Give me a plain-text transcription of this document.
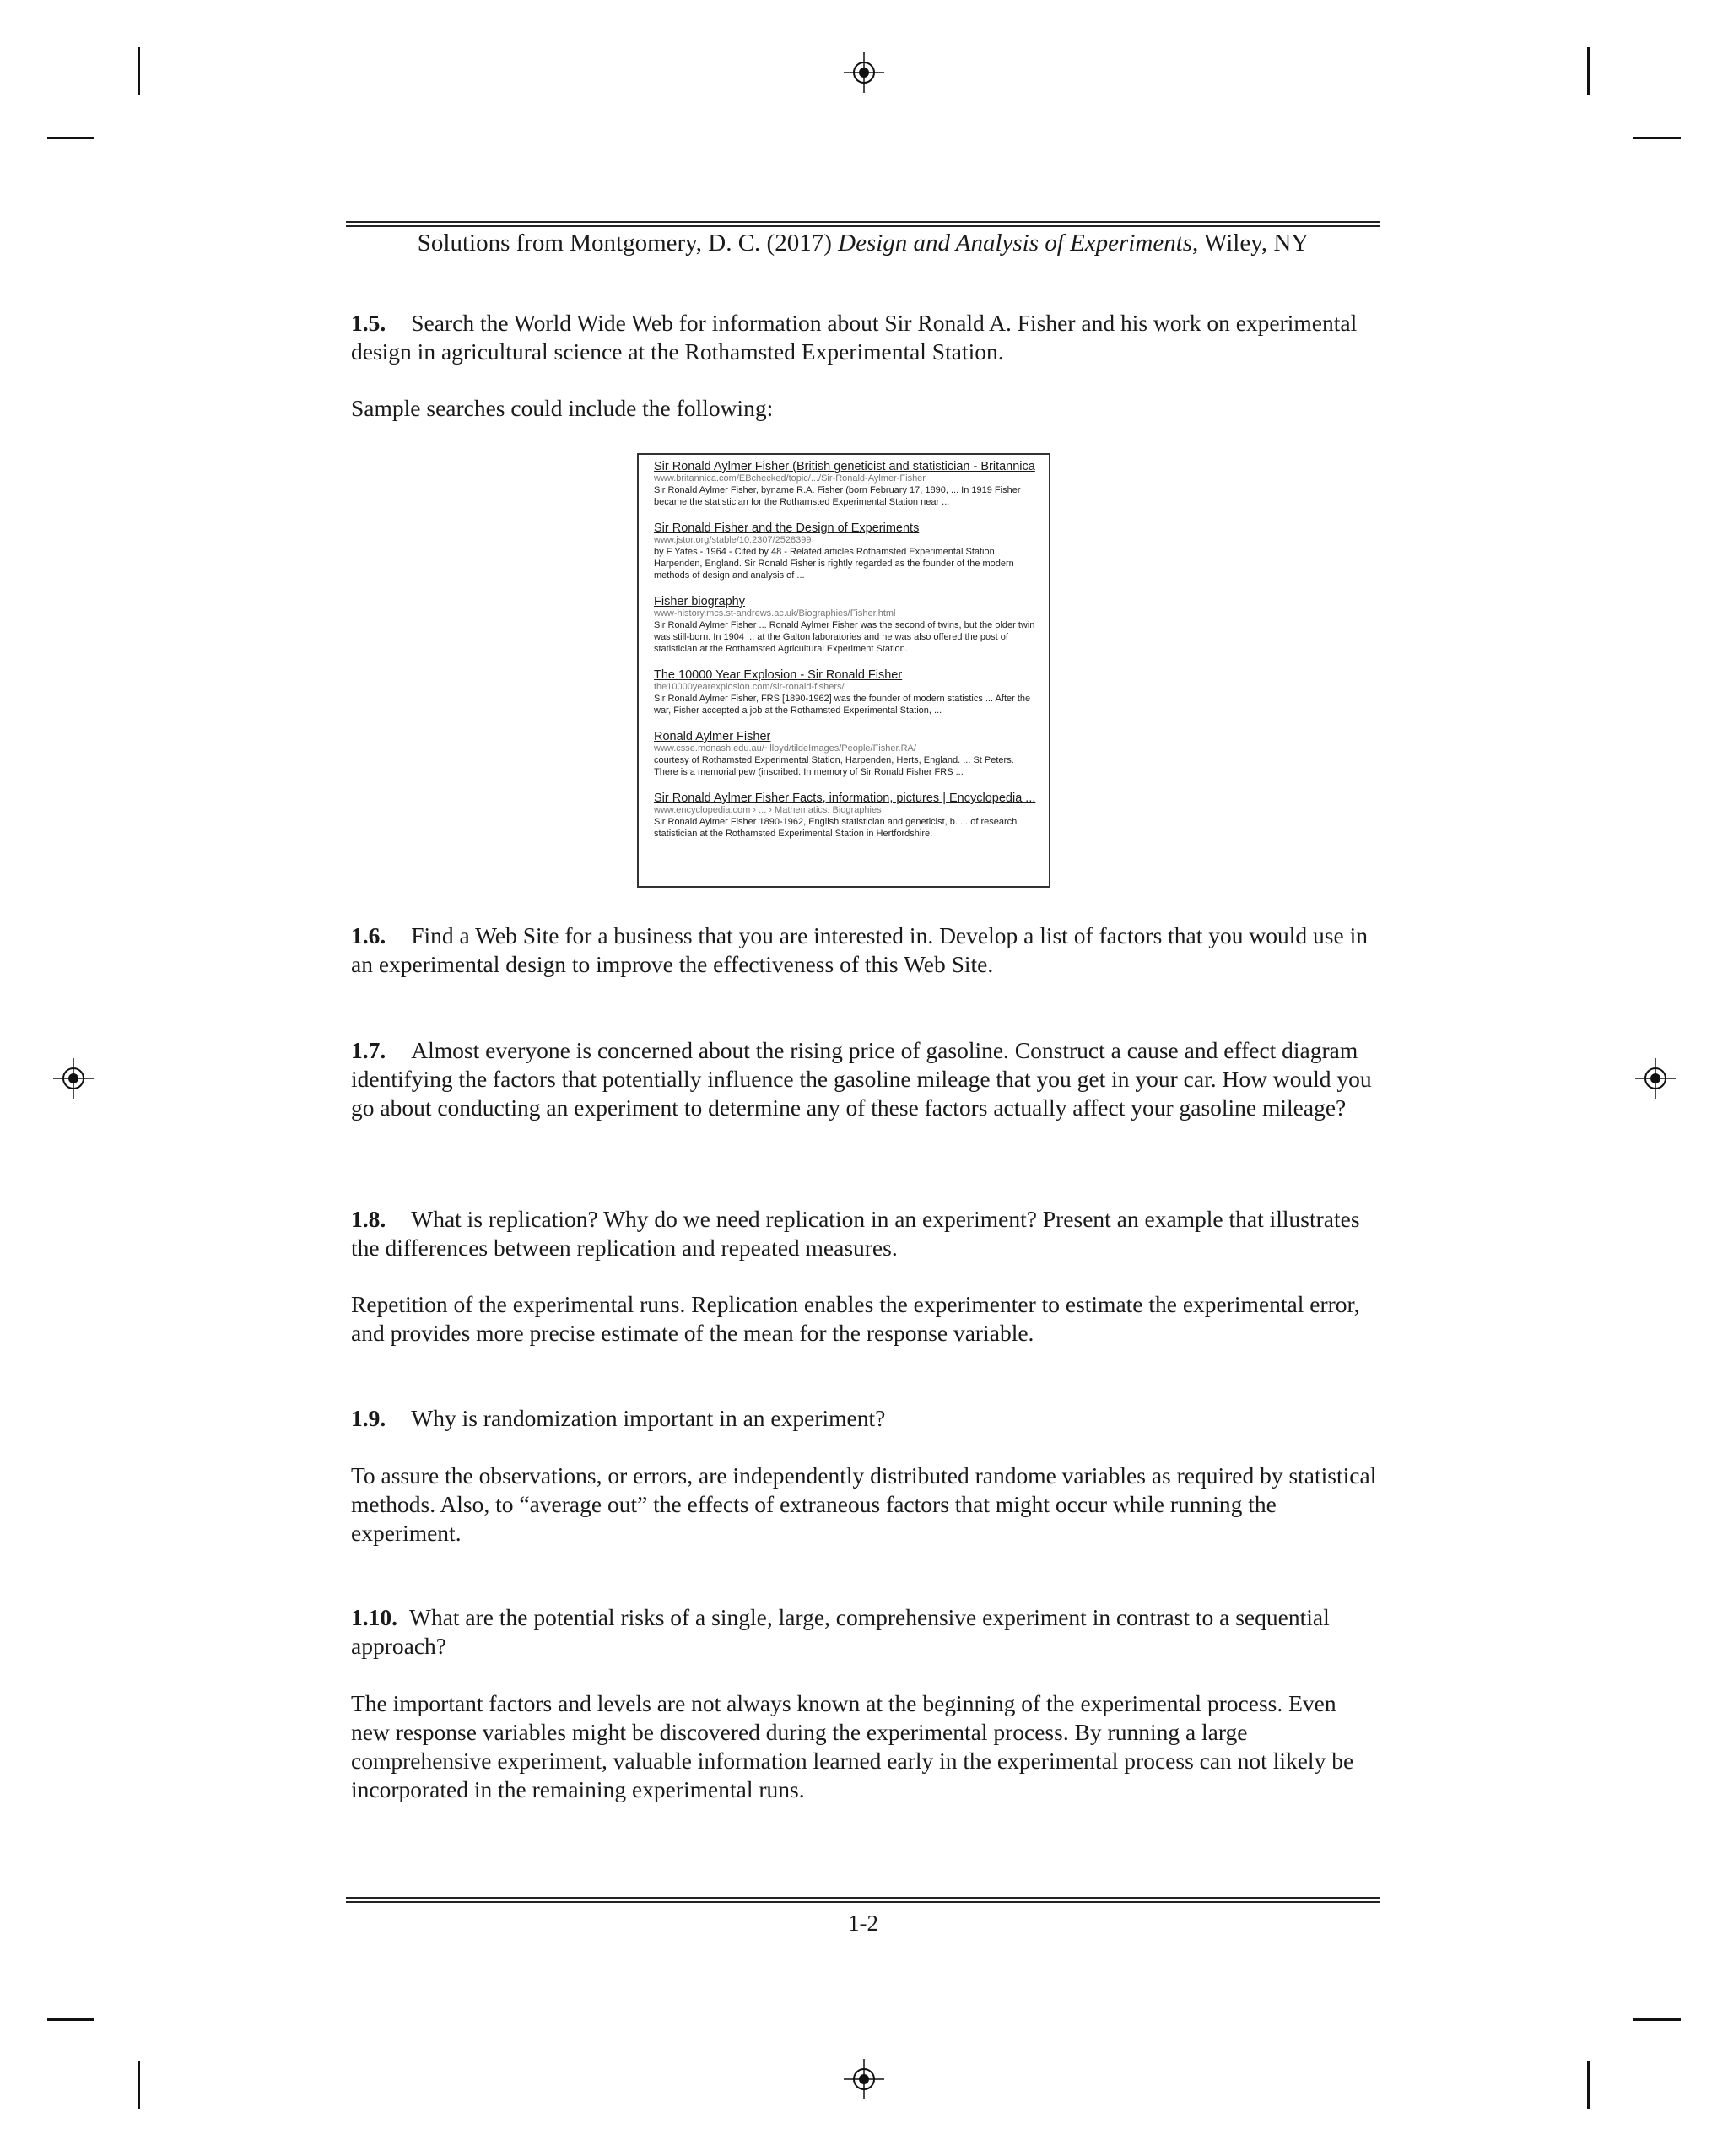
Solutions from Montgomery, D. C. (2017) Design and Analysis of Experiments, Wiley, NY

1.5. Search the World Wide Web for information about Sir Ronald A. Fisher and his work on experimental design in agricultural science at the Rothamsted Experimental Station.

Sample searches could include the following:

Sir Ronald Aylmer Fisher (British geneticist and statistician - Britannica
www.britannica.com/EBchecked/topic/.../Sir-Ronald-Aylmer-Fisher
Sir Ronald Aylmer Fisher, byname R.A. Fisher (born February 17, 1890, ... In 1919 Fisher became the statistician for the Rothamsted Experimental Station near ...
Sir Ronald Fisher and the Design of Experiments
www.jstor.org/stable/10.2307/2528399
by F Yates - 1964 - Cited by 48 - Related articles Rothamsted Experimental Station, Harpenden, England. Sir Ronald Fisher is rightly regarded as the founder of the modern methods of design and analysis of ...
Fisher biography
www-history.mcs.st-andrews.ac.uk/Biographies/Fisher.html
Sir Ronald Aylmer Fisher ... Ronald Aylmer Fisher was the second of twins, but the older twin was still-born. In 1904 ... at the Galton laboratories and he was also offered the post of statistician at the Rothamsted Agricultural Experiment Station.
The 10000 Year Explosion - Sir Ronald Fisher
the10000yearexplosion.com/sir-ronald-fishers/
Sir Ronald Aylmer Fisher, FRS [1890-1962] was the founder of modern statistics ... After the war, Fisher accepted a job at the Rothamsted Experimental Station, ...
Ronald Aylmer Fisher
www.csse.monash.edu.au/~lloyd/tildeImages/People/Fisher.RA/
courtesy of Rothamsted Experimental Station, Harpenden, Herts, England. ... St Peters. There is a memorial pew (inscribed: In memory of Sir Ronald Fisher FRS ...
Sir Ronald Aylmer Fisher Facts, information, pictures | Encyclopedia ...
www.encyclopedia.com › ... › Mathematics: Biographies
Sir Ronald Aylmer Fisher 1890-1962, English statistician and geneticist, b. ... of research statistician at the Rothamsted Experimental Station in Hertfordshire.

1.6. Find a Web Site for a business that you are interested in. Develop a list of factors that you would use in an experimental design to improve the effectiveness of this Web Site.

1.7. Almost everyone is concerned about the rising price of gasoline. Construct a cause and effect diagram identifying the factors that potentially influence the gasoline mileage that you get in your car. How would you go about conducting an experiment to determine any of these factors actually affect your gasoline mileage?

1.8. What is replication? Why do we need replication in an experiment? Present an example that illustrates the differences between replication and repeated measures.

Repetition of the experimental runs. Replication enables the experimenter to estimate the experimental error, and provides more precise estimate of the mean for the response variable.

1.9. Why is randomization important in an experiment?

To assure the observations, or errors, are independently distributed randome variables as required by statistical methods. Also, to “average out” the effects of extraneous factors that might occur while running the experiment.

1.10. What are the potential risks of a single, large, comprehensive experiment in contrast to a sequential approach?

The important factors and levels are not always known at the beginning of the experimental process. Even new response variables might be discovered during the experimental process. By running a large comprehensive experiment, valuable information learned early in the experimental process can not likely be incorporated in the remaining experimental runs.

1-2
